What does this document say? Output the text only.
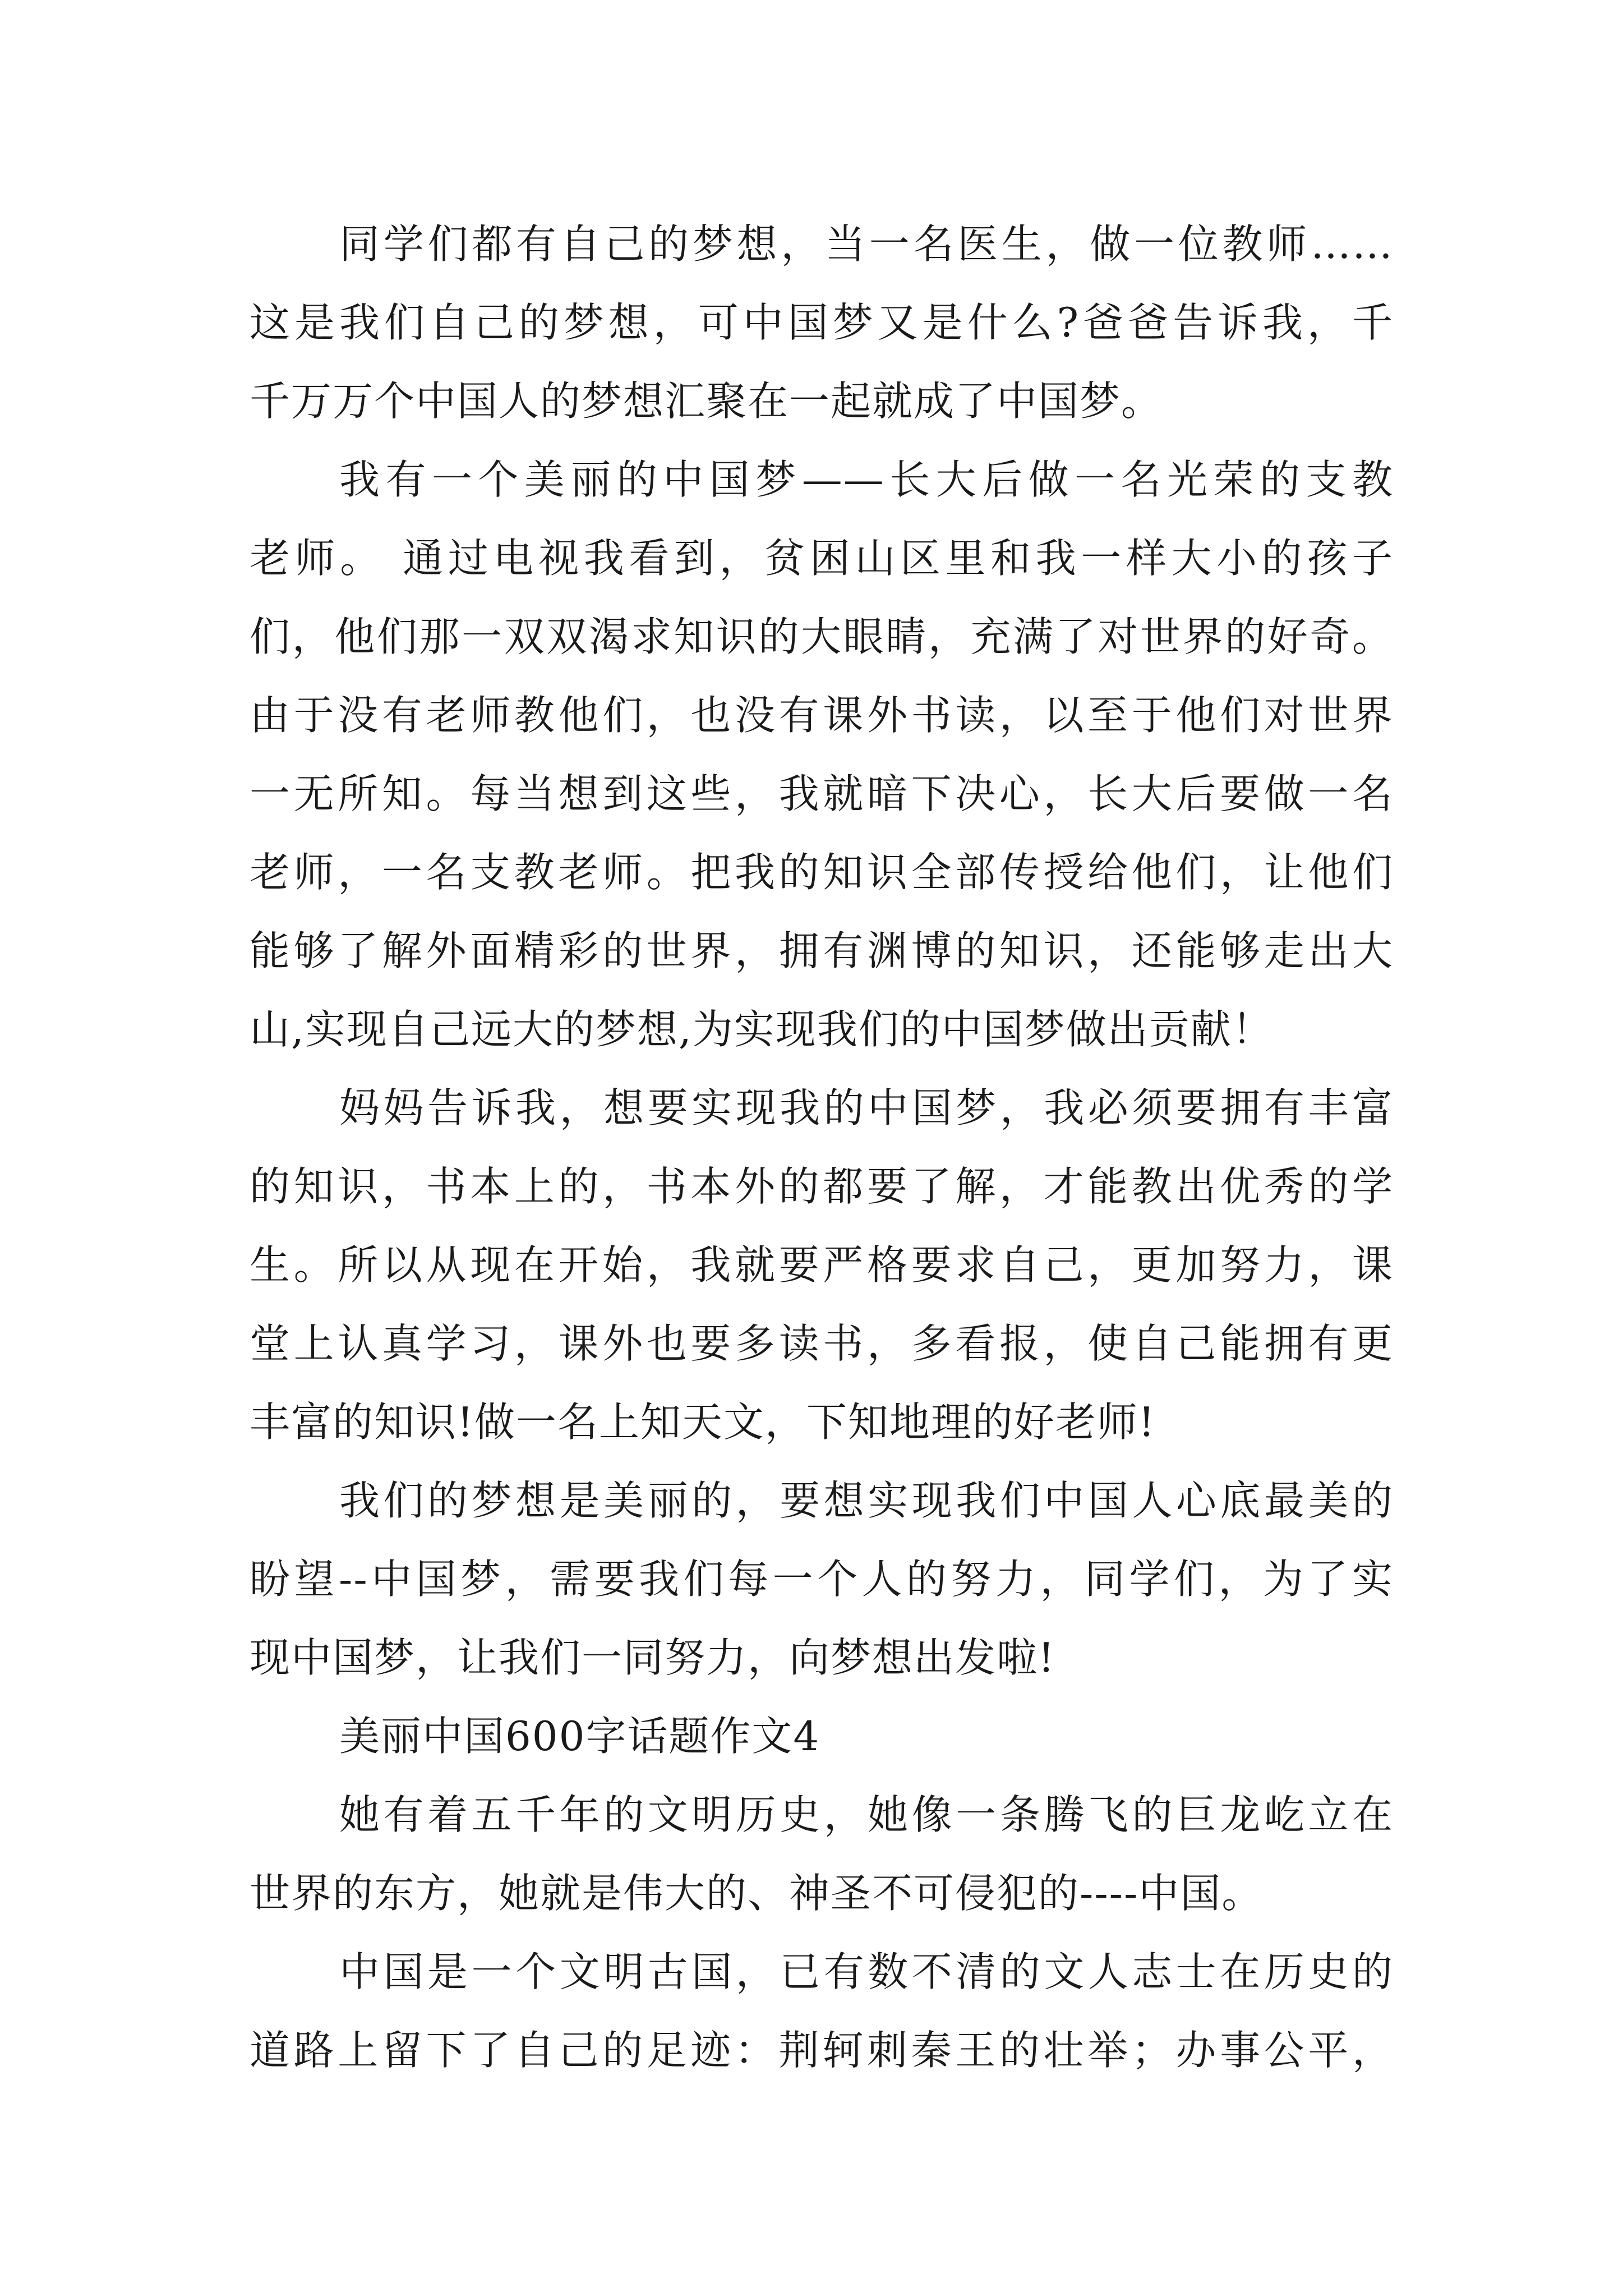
同学们都有自己的梦想，当一名医生，做一位教师……
这是我们自己的梦想，可中国梦又是什么?爸爸告诉我，千
千万万个中国人的梦想汇聚在一起就成了中国梦。
我有一个美丽的中国梦——长大后做一名光荣的支教
老师。 通过电视我看到，贫困山区里和我一样大小的孩子
们，他们那一双双渴求知识的大眼睛，充满了对世界的好奇。
由于没有老师教他们，也没有课外书读，以至于他们对世界
一无所知。每当想到这些，我就暗下决心，长大后要做一名
老师，一名支教老师。把我的知识全部传授给他们，让他们
能够了解外面精彩的世界，拥有渊博的知识，还能够走出大
山,实现自己远大的梦想,为实现我们的中国梦做出贡献！
妈妈告诉我，想要实现我的中国梦，我必须要拥有丰富
的知识，书本上的，书本外的都要了解，才能教出优秀的学
生。所以从现在开始，我就要严格要求自己，更加努力，课
堂上认真学习，课外也要多读书，多看报，使自己能拥有更
丰富的知识!做一名上知天文，下知地理的好老师!
我们的梦想是美丽的，要想实现我们中国人心底最美的
盼望--中国梦，需要我们每一个人的努力，同学们，为了实
现中国梦，让我们一同努力，向梦想出发啦!
美丽中国600字话题作文4
她有着五千年的文明历史，她像一条腾飞的巨龙屹立在
世界的东方，她就是伟大的、神圣不可侵犯的----中国。
中国是一个文明古国，已有数不清的文人志士在历史的
道路上留下了自己的足迹：荆轲刺秦王的壮举；办事公平，
